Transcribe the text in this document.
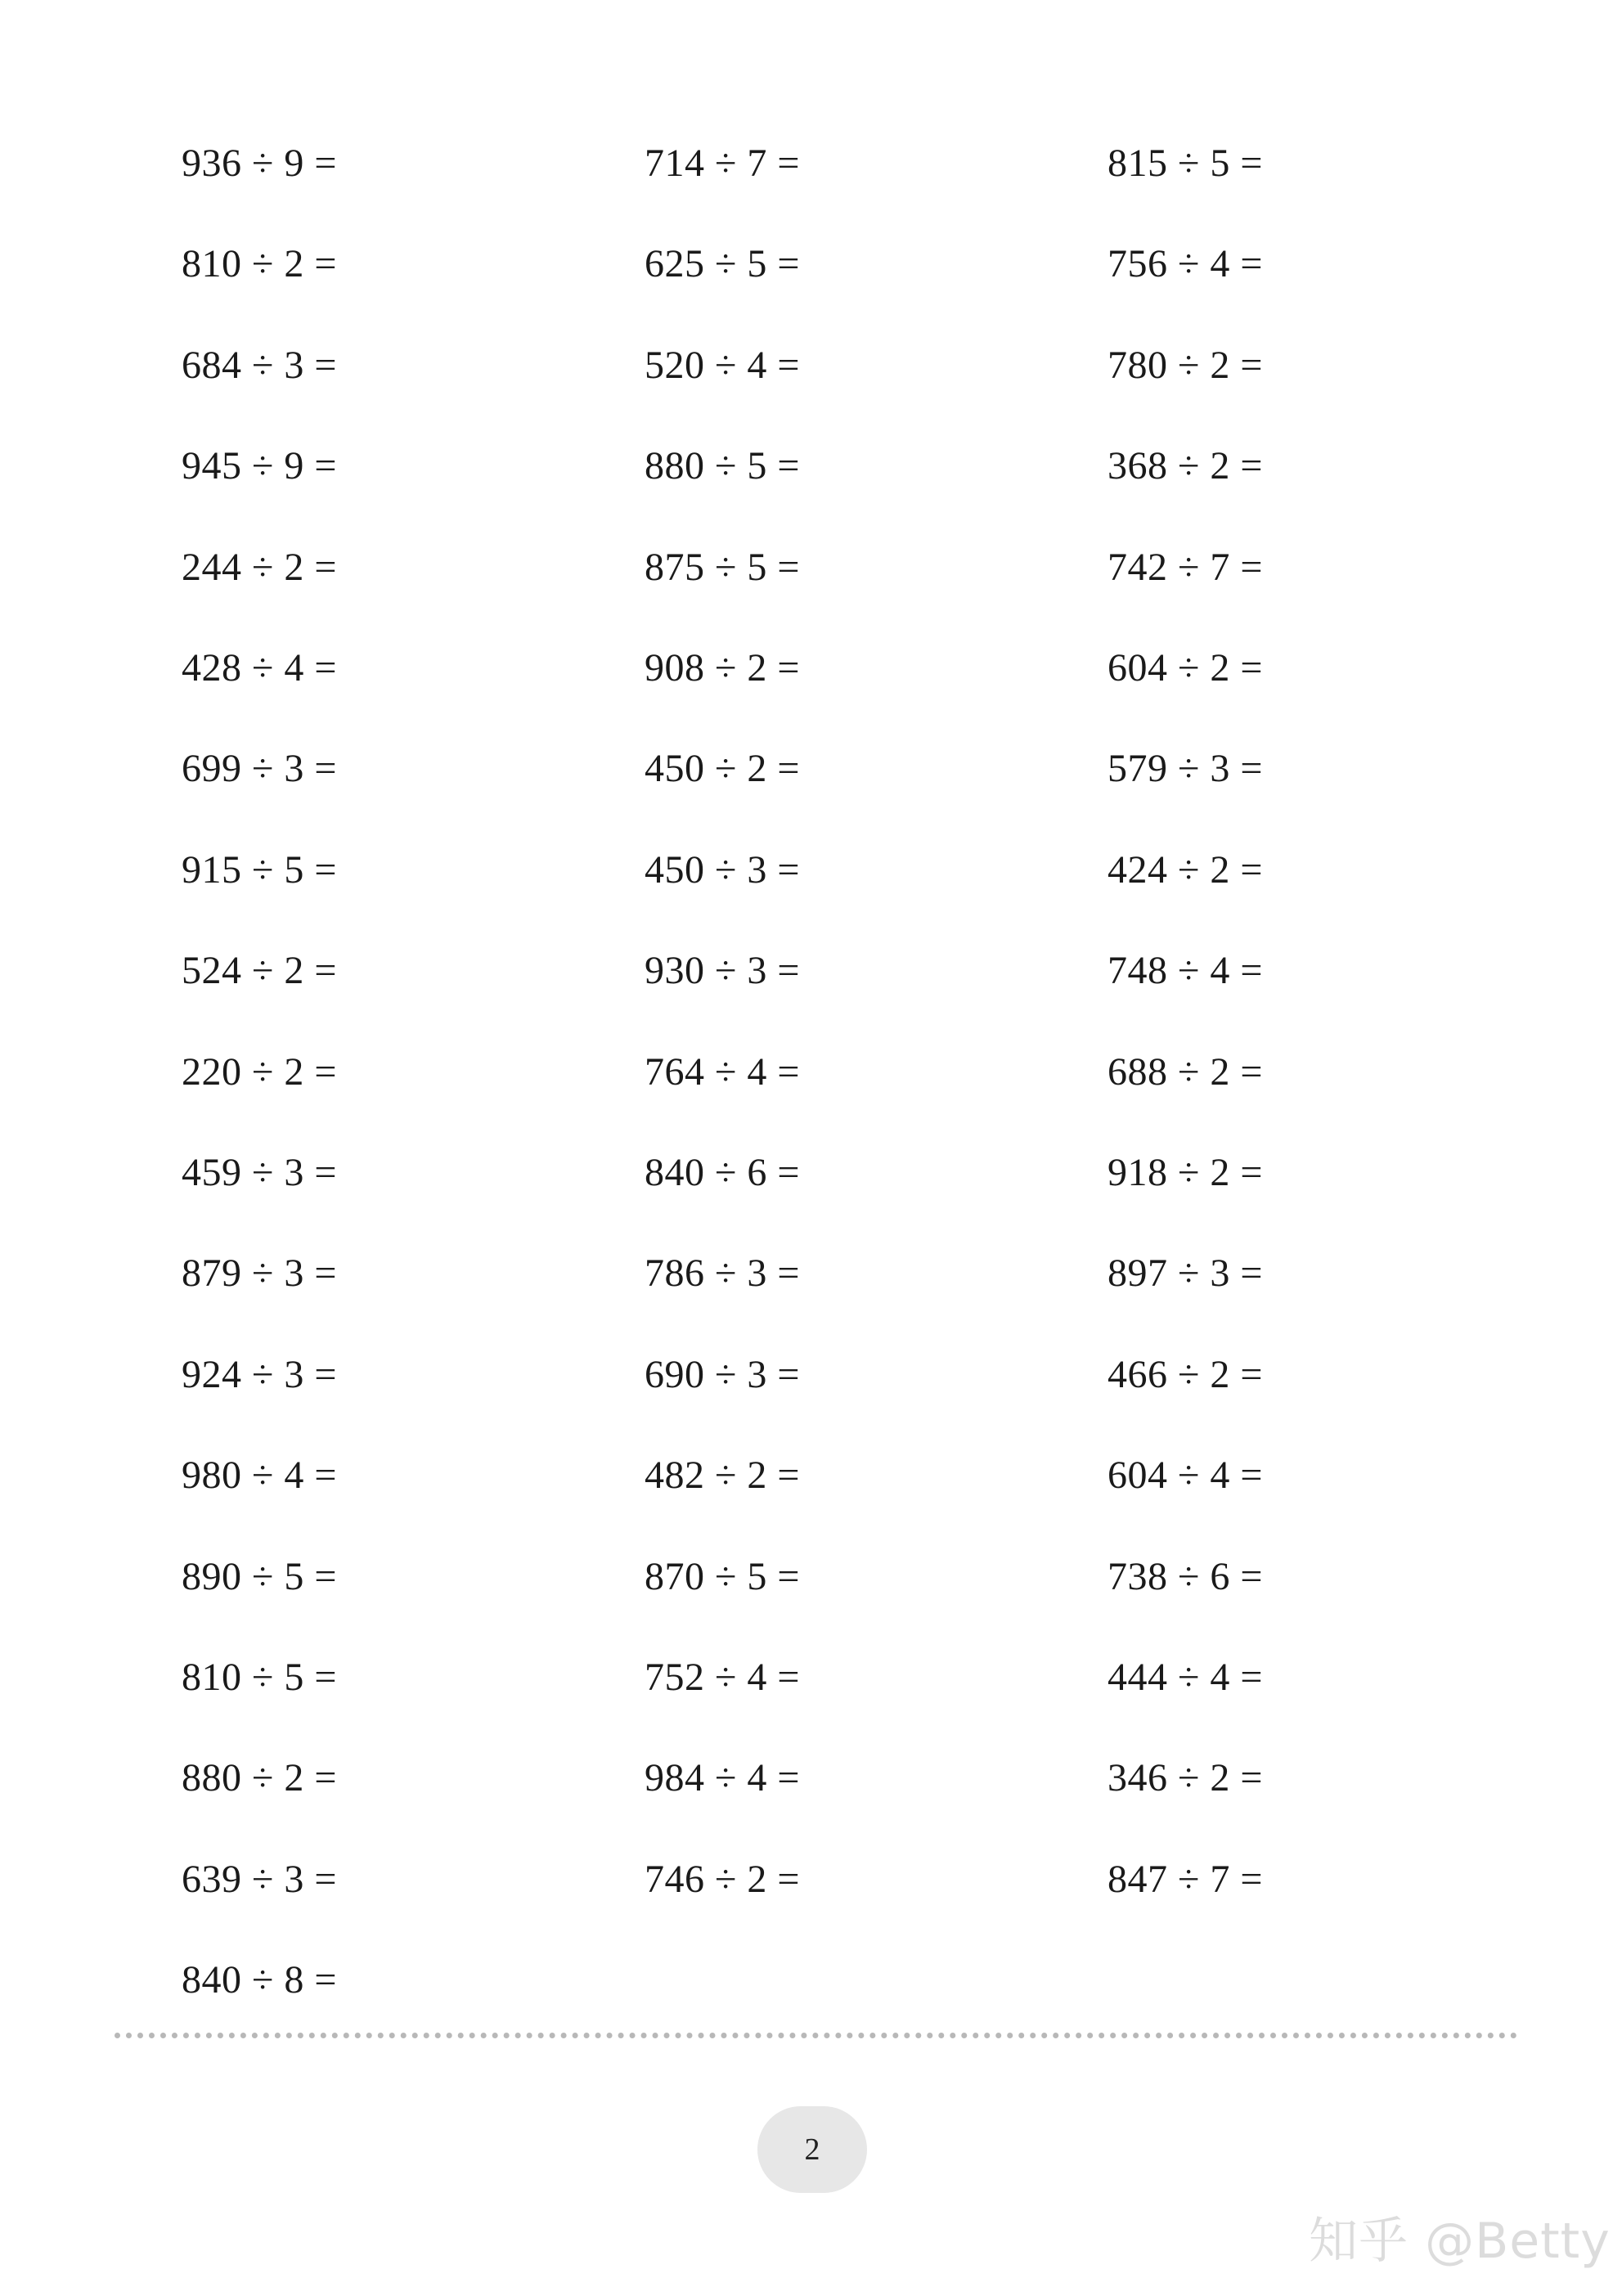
936 ÷ 9 =
810 ÷ 2 =
684 ÷ 3 =
945 ÷ 9 =
244 ÷ 2 =
428 ÷ 4 =
699 ÷ 3 =
915 ÷ 5 =
524 ÷ 2 =
220 ÷ 2 =
459 ÷ 3 =
879 ÷ 3 =
924 ÷ 3 =
980 ÷ 4 =
890 ÷ 5 =
810 ÷ 5 =
880 ÷ 2 =
639 ÷ 3 =
840 ÷ 8 =
714 ÷ 7 =
625 ÷ 5 =
520 ÷ 4 =
880 ÷ 5 =
875 ÷ 5 =
908 ÷ 2 =
450 ÷ 2 =
450 ÷ 3 =
930 ÷ 3 =
764 ÷ 4 =
840 ÷ 6 =
786 ÷ 3 =
690 ÷ 3 =
482 ÷ 2 =
870 ÷ 5 =
752 ÷ 4 =
984 ÷ 4 =
746 ÷ 2 =
815 ÷ 5 =
756 ÷ 4 =
780 ÷ 2 =
368 ÷ 2 =
742 ÷ 7 =
604 ÷ 2 =
579 ÷ 3 =
424 ÷ 2 =
748 ÷ 4 =
688 ÷ 2 =
918 ÷ 2 =
897 ÷ 3 =
466 ÷ 2 =
604 ÷ 4 =
738 ÷ 6 =
444 ÷ 4 =
346 ÷ 2 =
847 ÷ 7 =
2
知乎 @Betty
